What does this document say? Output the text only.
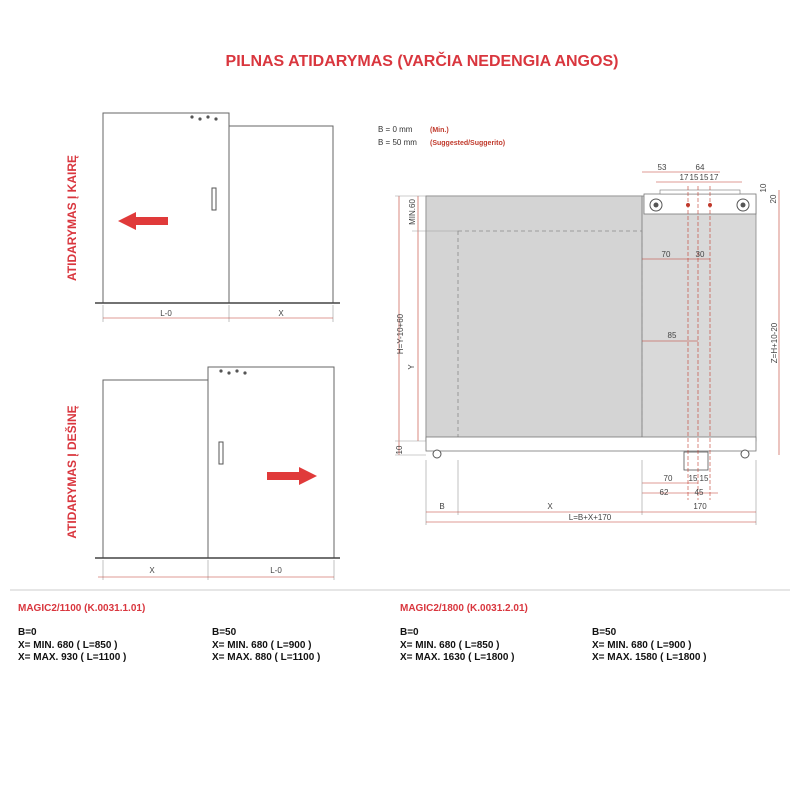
PILNAS ATIDARYMAS (VARČIA NEDENGIA ANGOS)
ATIDARYMAS Į KAIRĘ
L-0	X
ATIDARYMAS Į DEŠINĘ
X	L-0
B = 0 mm	(Min.)
B = 50 mm (Suggested/Suggerito)
53	64
17 15 15 17
10
20
70	30
85
MIN.60
H=Y-10+60
Y
10
Z=H+10-20
70 15 15
62	45
B	X	170
L=B+X+170
MAGIC2/1100 (K.0031.1.01)
B=0
X= MIN. 680 ( L=850 )
X= MAX. 930 ( L=1100 )
B=50
X= MIN. 680 ( L=900 )
X= MAX. 880 ( L=1100 )
MAGIC2/1800 (K.0031.2.01)
B=0
X= MIN. 680 ( L=850 )
X= MAX. 1630 ( L=1800 )
B=50
X= MIN. 680 ( L=900 )
X= MAX. 1580 ( L=1800 )
